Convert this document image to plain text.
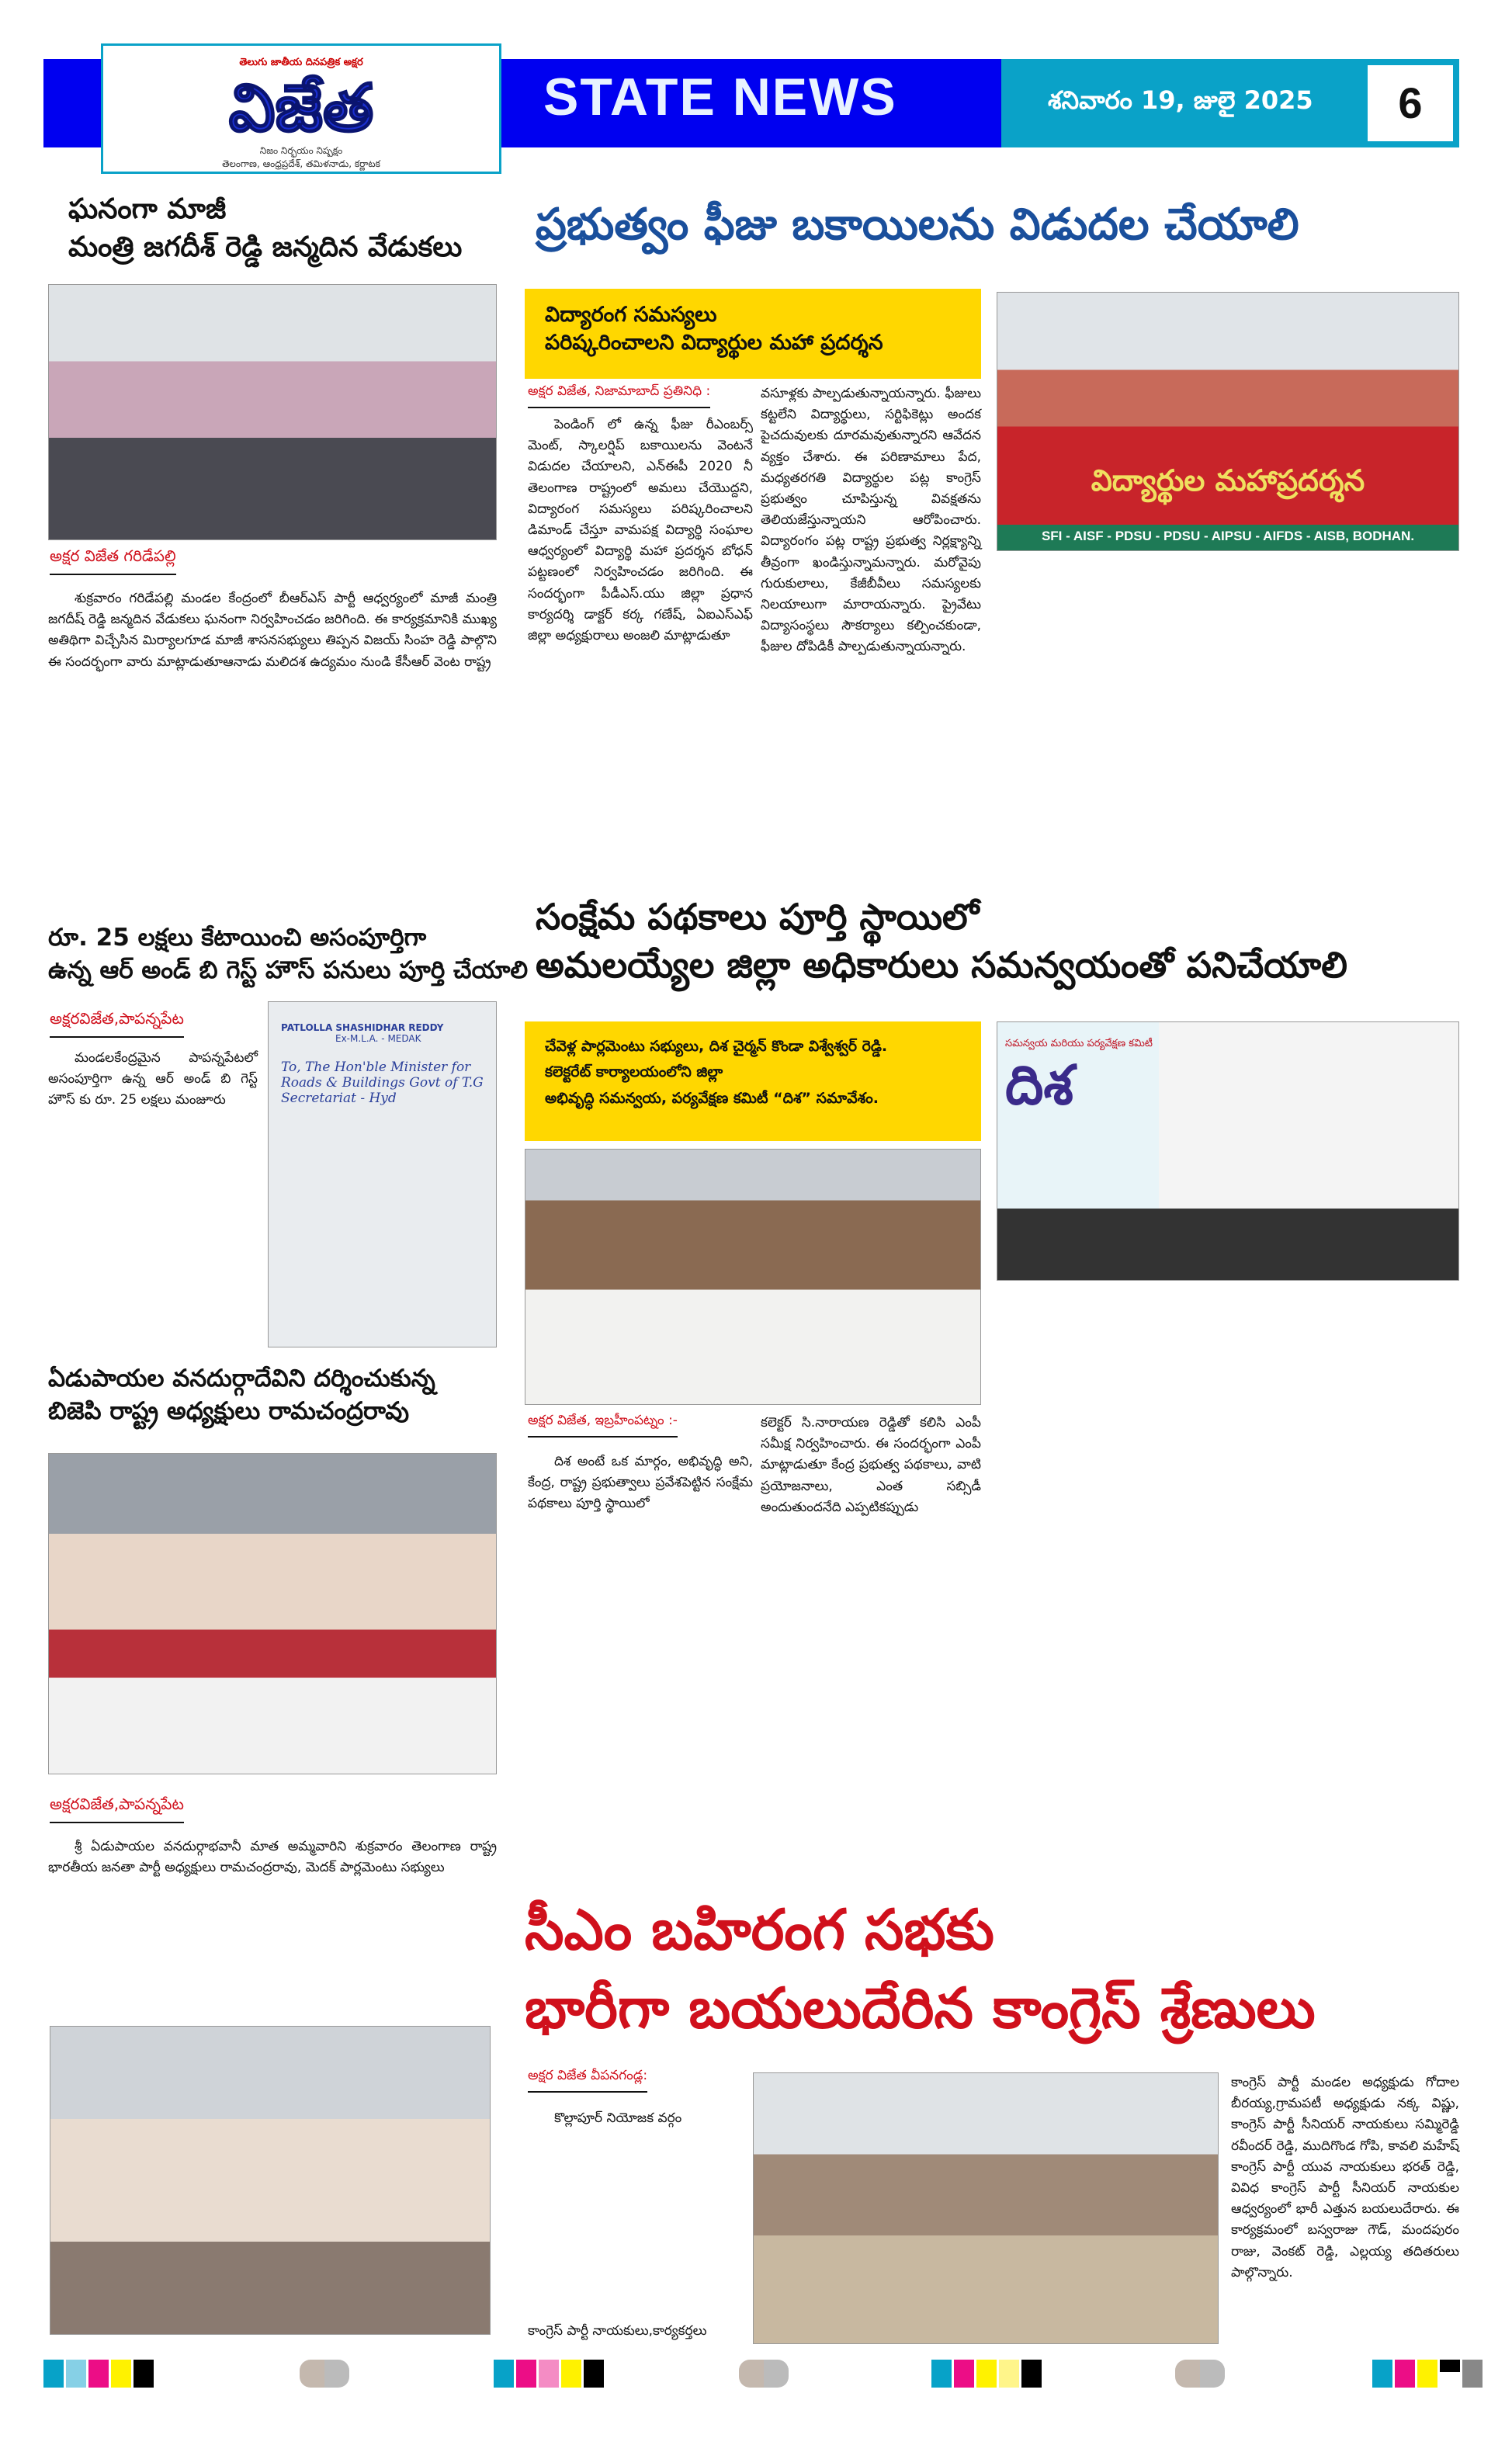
తెలుగు జాతీయ దినపత్రిక అక్షర
విజేత
నిజం నిర్భయం నిష్పక్షం
తెలంగాణ, ఆంధ్రప్రదేశ్, తమిళనాడు, కర్ణాటక
STATE NEWS	శనివారం 19, జులై 2025	6
ఘనంగా మాజీ
మంత్రి జగదీశ్ రెడ్డి జన్మదిన వేడుకలు
అక్షర విజేత గరిడేపల్లి

శుక్రవారం గరిడేపల్లి మండల కేంద్రంలో బీఆర్ఎస్ పార్టీ ఆధ్వర్యంలో మాజీ మంత్రి జగదీష్ రెడ్డి జన్మదిన వేడుకలు ఘనంగా నిర్వహించడం జరిగింది. ఈ కార్యక్రమానికి ముఖ్య అతిథిగా విచ్చేసిన మిర్యాలగూడ మాజీ శాసనసభ్యులు తిప్పన విజయ్ సింహ రెడ్డి పాల్గొని ఈ సందర్భంగా వారు మాట్లాడుతూఆనాడు మలిదశ ఉద్యమం నుండి కేసీఆర్ వెంట రాష్ట్ర

రూ. 25 లక్షలు కేటాయించి అసంపూర్తిగా
ఉన్న ఆర్ అండ్ బి గెస్ట్ హౌస్ పనులు పూర్తి చేయాలి
అక్షరవిజేత,పాపన్నపేట

మండలకేంద్రమైన పాపన్నపేటలో అసంపూర్తిగా ఉన్న ఆర్ అండ్ బి గెస్ట్ హౌస్ కు రూ. 25 లక్షలు మంజూరు

PATLOLLA SHASHIDHAR REDDY
Ex-M.L.A. - MEDAK
To, The Hon'ble Minister for Roads & Buildings Govt of T.G Secretariat - Hyd
ఏడుపాయల వనదుర్గాదేవిని దర్శించుకున్న
బిజెపి రాష్ట్ర అధ్యక్షులు రామచంద్రరావు
అక్షరవిజేత,పాపన్నపేట

శ్రీ ఏడుపాయల వనదుర్గాభవానీ మాత అమ్మవారిని శుక్రవారం తెలంగాణ రాష్ట్ర భారతీయ జనతా పార్టీ అధ్యక్షులు రామచంద్రరావు, మెదక్ పార్లమెంటు సభ్యులు

ప్రభుత్వం ఫీజు బకాయిలను విడుదల చేయాలి
విద్యారంగ సమస్యలు
పరిష్కరించాలని విద్యార్థుల మహా ప్రదర్శన
అక్షర విజేత, నిజామాబాద్ ప్రతినిధి :

పెండింగ్ లో ఉన్న ఫీజు రీఎంబర్స్ మెంట్, స్కాలర్షిప్ బకాయిలను వెంటనే విడుదల చేయాలని, ఎన్ఈపీ 2020 నీ తెలంగాణ రాష్ట్రంలో అమలు చేయొద్దని, విద్యారంగ సమస్యలు పరిష్కరించాలని డిమాండ్ చేస్తూ వామపక్ష విద్యార్థి సంఘాల ఆధ్వర్యంలో విద్యార్థి మహా ప్రదర్శన బోధన్ పట్టణంలో నిర్వహించడం జరిగింది. ఈ సందర్భంగా పీడీఎస్.యు జిల్లా ప్రధాన కార్యదర్శి డాక్టర్ కర్క గణేష్, ఏఐఎస్ఎఫ్ జిల్లా అధ్యక్షురాలు అంజలి మాట్లాడుతూ

వసూళ్లకు పాల్పడుతున్నాయన్నారు. ఫీజులు కట్టలేని విద్యార్థులు, సర్టిఫికెట్లు అందక పైచదువులకు దూరమవుతున్నారని ఆవేదన వ్యక్తం చేశారు. ఈ పరిణామాలు పేద, మధ్యతరగతి విద్యార్థుల పట్ల కాంగ్రెస్ ప్రభుత్వం చూపిస్తున్న వివక్షతను తెలియజేస్తున్నాయని ఆరోపించారు. విద్యారంగం పట్ల రాష్ట్ర ప్రభుత్వ నిర్లక్ష్యాన్ని తీవ్రంగా ఖండిస్తున్నామన్నారు. మరోవైపు గురుకులాలు, కేజీబీవీలు సమస్యలకు నిలయాలుగా మారాయన్నారు. ప్రైవేటు విద్యాసంస్థలు సౌకర్యాలు కల్పించకుండా, ఫీజుల దోపిడికీ పాల్పడుతున్నాయన్నారు.

విద్యార్థుల మహాప్రదర్శన
SFI - AISF - PDSU - PDSU - AIPSU - AIFDS - AISB, BODHAN.
సంక్షేమ పథకాలు పూర్తి స్థాయిలో
అమలయ్యేల జిల్లా అధికారులు సమన్వయంతో పనిచేయాలి
చేవెళ్ల పార్లమెంటు సభ్యులు, దిశ చైర్మన్ కొండా విశ్వేశ్వర్ రెడ్డి.
కలెక్టరేట్ కార్యాలయంలోని జిల్లా
అభివృద్ధి సమన్వయ, పర్యవేక్షణ కమిటీ “దిశ” సమావేశం.
సమన్వయ మరియు పర్యవేక్షణ కమిటీ
దిశ
అక్షర విజేత, ఇబ్రహీంపట్నం :-

దిశ అంటే ఒక మార్గం, అభివృద్ధి అని, కేంద్ర, రాష్ట్ర ప్రభుత్వాలు ప్రవేశపెట్టిన సంక్షేమ పథకాలు పూర్తి స్థాయిలో

కలెక్టర్ సి.నారాయణ రెడ్డితో కలిసి ఎంపీ సమీక్ష నిర్వహించారు. ఈ సందర్భంగా ఎంపీ మాట్లాడుతూ కేంద్ర ప్రభుత్వ పథకాలు, వాటి ప్రయోజనాలు, ఎంత సబ్సిడీ అందుతుందనేది ఎప్పటికప్పుడు

సీఎం బహిరంగ సభకు
భారీగా బయలుదేరిన కాంగ్రెస్ శ్రేణులు
అక్షర విజేత వీపనగండ్ల:

కొల్లాపూర్ నియోజక వర్గం

కాంగ్రెస్ పార్టీ నాయకులు,కార్యకర్తలు

కాంగ్రెస్ పార్టీ మండల అధ్యక్షుడు గోదాల బీరయ్య,గ్రామపటీ అధ్యక్షుడు నక్క విష్ణు, కాంగ్రెస్ పార్టీ సీనియర్ నాయకులు సమ్మిరెడ్డి రవీందర్ రెడ్డి, ముదిగొండ గోపి, కావలి మహేష్ కాంగ్రెస్ పార్టీ యువ నాయకులు భరత్ రెడ్డి, వివిధ కాంగ్రెస్ పార్టీ సీనియర్ నాయకుల ఆధ్వర్యంలో భారీ ఎత్తున బయలుదేరారు. ఈ కార్యక్రమంలో బస్వరాజు గౌడ్, మందపురం రాజు, వెంకట్ రెడ్డి, ఎల్లయ్య తదితరులు పాల్గొన్నారు.
